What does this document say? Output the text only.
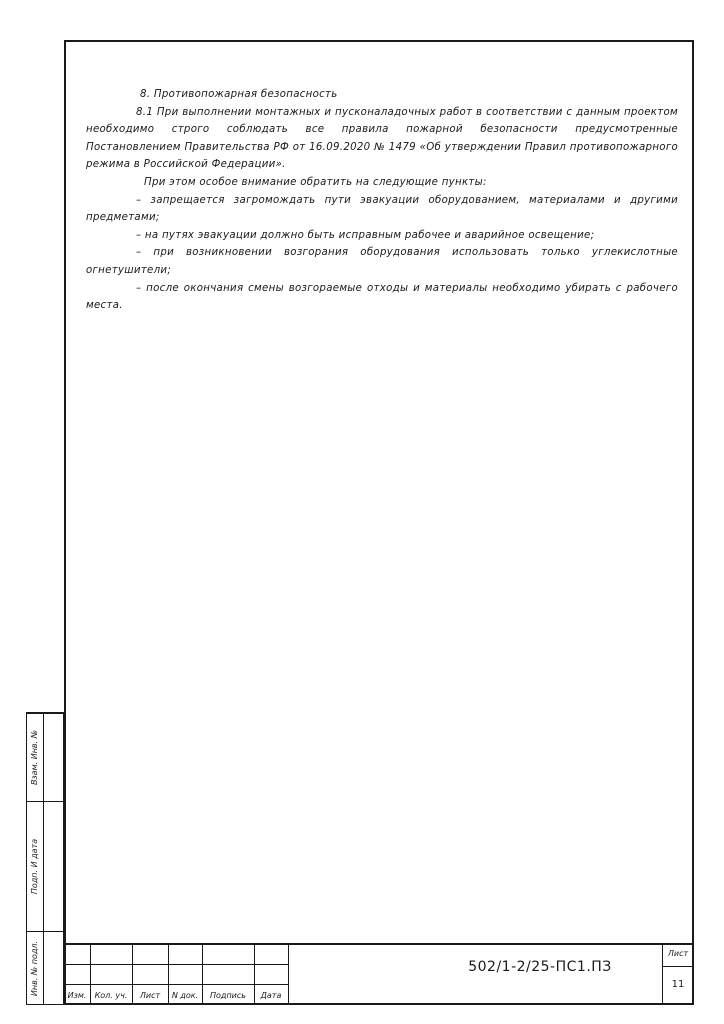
Взам. Инв. №
Подп. И дата
Инв. № подл.

8. Противопожарная безопасность

8.1 При выполнении монтажных и пусконаладочных работ в соответствии с данным проектом необходимо строго соблюдать все правила пожарной безопасности предусмотренные Постановлением Правительства РФ от 16.09.2020 № 1479 «Об утверждении Правил противопожарного режима в Российской Федерации».

При этом особое внимание обратить на следующие пункты:

– запрещается загромождать пути эвакуации оборудованием, материалами и другими предметами;

– на путях эвакуации должно быть исправным рабочее и аварийное освещение;

– при возникновении возгорания оборудования использовать только углекислотные огнетушители;

– после окончания смены возгораемые отходы и материалы необходимо убирать с рабочего места.

Изм.	Кол. уч.	Лист	N док.	Подпись	Дата
502/1-2/25-ПС1.ПЗ
Лист
11
